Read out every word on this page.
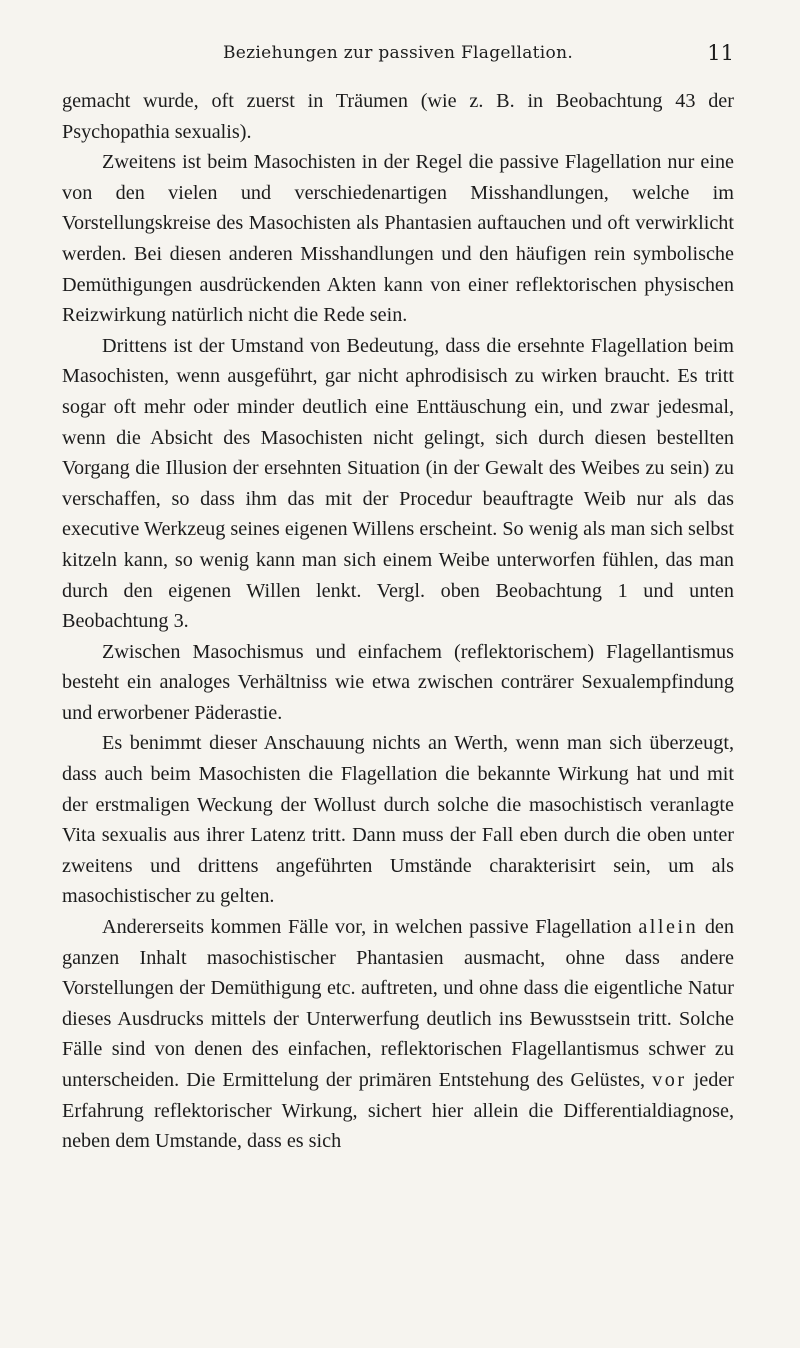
Beziehungen zur passiven Flagellation.	11

gemacht wurde, oft zuerst in Träumen (wie z. B. in Beobachtung 43 der Psychopathia sexualis).

Zweitens ist beim Masochisten in der Regel die passive Flagellation nur eine von den vielen und verschiedenartigen Misshandlungen, welche im Vorstellungskreise des Masochisten als Phantasien auftauchen und oft verwirklicht werden. Bei diesen anderen Misshandlungen und den häufigen rein symbolische Demüthigungen ausdrückenden Akten kann von einer reflektorischen physischen Reizwirkung natürlich nicht die Rede sein.

Drittens ist der Umstand von Bedeutung, dass die ersehnte Flagellation beim Masochisten, wenn ausgeführt, gar nicht aphrodisisch zu wirken braucht. Es tritt sogar oft mehr oder minder deutlich eine Enttäuschung ein, und zwar jedesmal, wenn die Absicht des Masochisten nicht gelingt, sich durch diesen bestellten Vorgang die Illusion der ersehnten Situation (in der Gewalt des Weibes zu sein) zu verschaffen, so dass ihm das mit der Procedur beauftragte Weib nur als das executive Werkzeug seines eigenen Willens erscheint. So wenig als man sich selbst kitzeln kann, so wenig kann man sich einem Weibe unterworfen fühlen, das man durch den eigenen Willen lenkt. Vergl. oben Beobachtung 1 und unten Beobachtung 3.

Zwischen Masochismus und einfachem (reflektorischem) Flagellantismus besteht ein analoges Verhältniss wie etwa zwischen conträrer Sexualempfindung und erworbener Päderastie.

Es benimmt dieser Anschauung nichts an Werth, wenn man sich überzeugt, dass auch beim Masochisten die Flagellation die bekannte Wirkung hat und mit der erstmaligen Weckung der Wollust durch solche die masochistisch veranlagte Vita sexualis aus ihrer Latenz tritt. Dann muss der Fall eben durch die oben unter zweitens und drittens angeführten Umstände charakterisirt sein, um als masochistischer zu gelten.

Andererseits kommen Fälle vor, in welchen passive Flagellation allein den ganzen Inhalt masochistischer Phantasien ausmacht, ohne dass andere Vorstellungen der Demüthigung etc. auftreten, und ohne dass die eigentliche Natur dieses Ausdrucks mittels der Unterwerfung deutlich ins Bewusstsein tritt. Solche Fälle sind von denen des einfachen, reflektorischen Flagellantismus schwer zu unterscheiden. Die Ermittelung der primären Entstehung des Gelüstes, vor jeder Erfahrung reflektorischer Wirkung, sichert hier allein die Differentialdiagnose, neben dem Umstande, dass es sich
